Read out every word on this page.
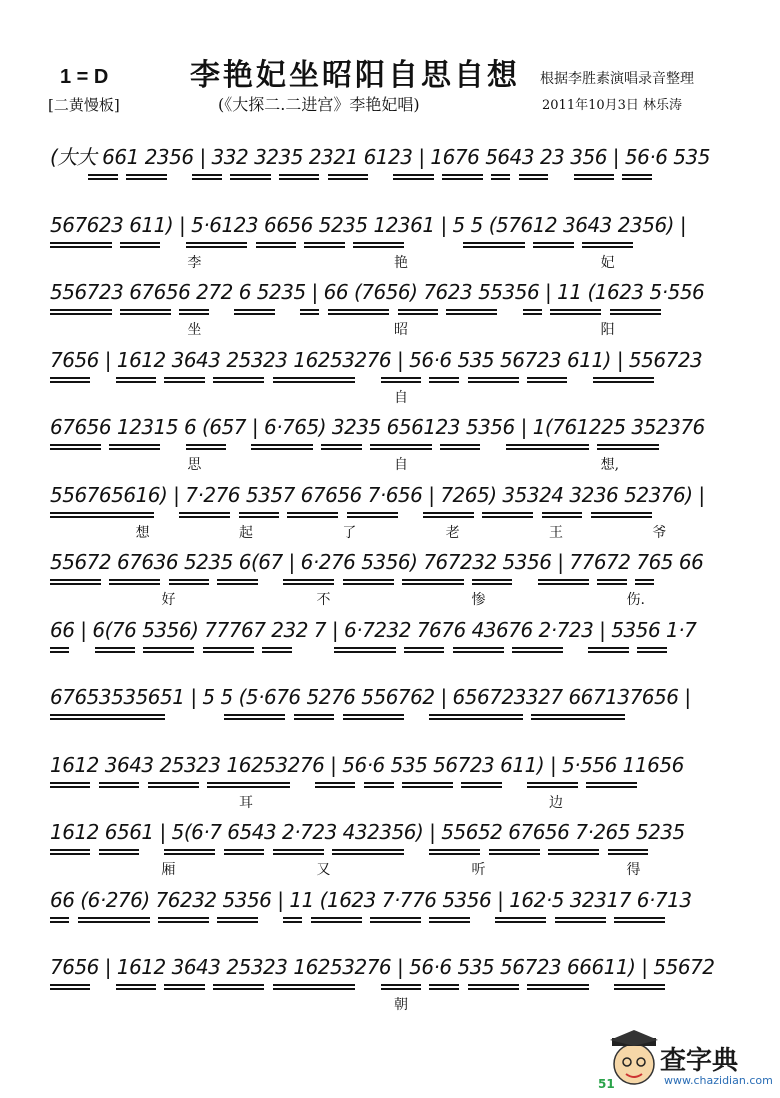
1 = D
[二黄慢板]
李艳妃坐昭阳自思自想
(《大探二.二进宫》李艳妃唱)
根据李胜素演唱录音整理
2011年10月3日 林乐涛
(大大 661 2356 | 332 3235 2321 6123 | 1676 5643 23 356 | 56·6 535
567623 611) | 5·6123 6656 5235 12361 | 5 5 (57612 3643 2356) |
李	艳	妃
556723 67656 272 6 5235 | 66 (7656) 7623 55356 | 11 (1623 5·556
坐	昭	阳
7656 | 1612 3643 25323 16253276 | 56·6 535 56723 611) | 556723
自
67656 12315 6 (657 | 6·765) 3235 656123 5356 | 1(761225 352376
思	自	想,
556765616) | 7·276 5357 67656 7·656 | 7265) 35324 3236 52376) |
想	起	了	老	王	爷
55672 67636 5235 6(67 | 6·276 5356) 767232 5356 | 77672 765 66
好	不	惨	伤.
66 | 6(76 5356) 77767 232 7 | 6·7232 7676 43676 2·723 | 5356 1·7
67653535651 | 5 5 (5·676 5276 556762 | 656723327 667137656 |
1612 3643 25323 16253276 | 56·6 535 56723 611) | 5·556 11656
耳	边
1612 6561 | 5(6·7 6543 2·723 432356) | 55652 67656 7·265 5235
厢	又	听	得
66 (6·276) 76232 5356 | 11 (1623 7·776 5356 | 162·5 32317 6·713
7656 | 1612 3643 25323 16253276 | 56·6 535 56723 66611) | 55672
朝
51
查字典
www.chazidian.com
